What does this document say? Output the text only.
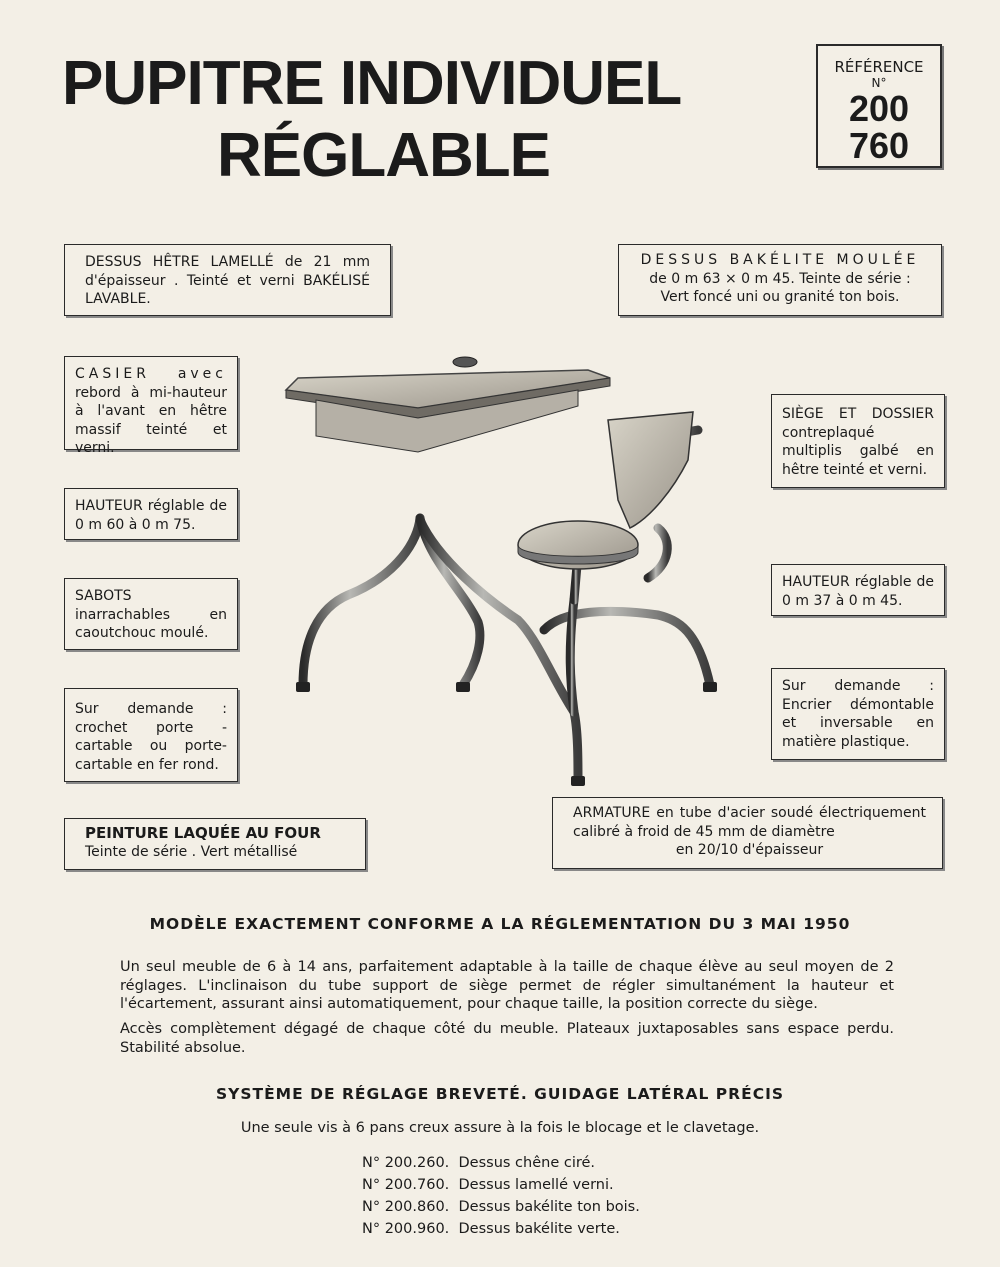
PUPITRE INDIVIDUEL
RÉGLABLE
RÉFÉRENCE
N°
200
760

DESSUS HÊTRE LAMELLÉ de 21 mm d'épaisseur . Teinté et verni BAKÉLISÉ LAVABLE.

CASIER avec rebord à mi-hauteur à l'avant en hêtre massif teinté et verni.

HAUTEUR réglable de 0 m 60 à 0 m 75.

SABOTS inarrachables en caoutchouc moulé.

Sur demande : crochet porte - cartable ou porte-cartable en fer rond.

PEINTURE LAQUÉE AU FOUR

Teinte de série . Vert métallisé

DESSUS BAKÉLITE MOULÉE

de 0 m 63 × 0 m 45. Teinte de série :

Vert foncé uni ou granité ton bois.

SIÈGE ET DOSSIER contreplaqué multiplis galbé en hêtre teinté et verni.

HAUTEUR réglable de 0 m 37 à 0 m 45.

Sur demande : Encrier démontable et inversable en matière plastique.

ARMATURE en tube d'acier soudé électriquement calibré à froid de 45 mm de diamètre

en 20/10 d'épaisseur

MODÈLE EXACTEMENT CONFORME A LA RÉGLEMENTATION DU 3 MAI 1950

Un seul meuble de 6 à 14 ans, parfaitement adaptable à la taille de chaque élève au seul moyen de 2 réglages. L'inclinaison du tube support de siège permet de régler simultanément la hauteur et l'écartement, assurant ainsi automatiquement, pour chaque taille, la position correcte du siège.

Accès complètement dégagé de chaque côté du meuble. Plateaux juxtaposables sans espace perdu. Stabilité absolue.

SYSTÈME DE RÉGLAGE BREVETÉ. GUIDAGE LATÉRAL PRÉCIS
Une seule vis à 6 pans creux assure à la fois le blocage et le clavetage.
N° 200.260. Dessus chêne ciré.
N° 200.760. Dessus lamellé verni.
N° 200.860. Dessus bakélite ton bois.
N° 200.960. Dessus bakélite verte.
